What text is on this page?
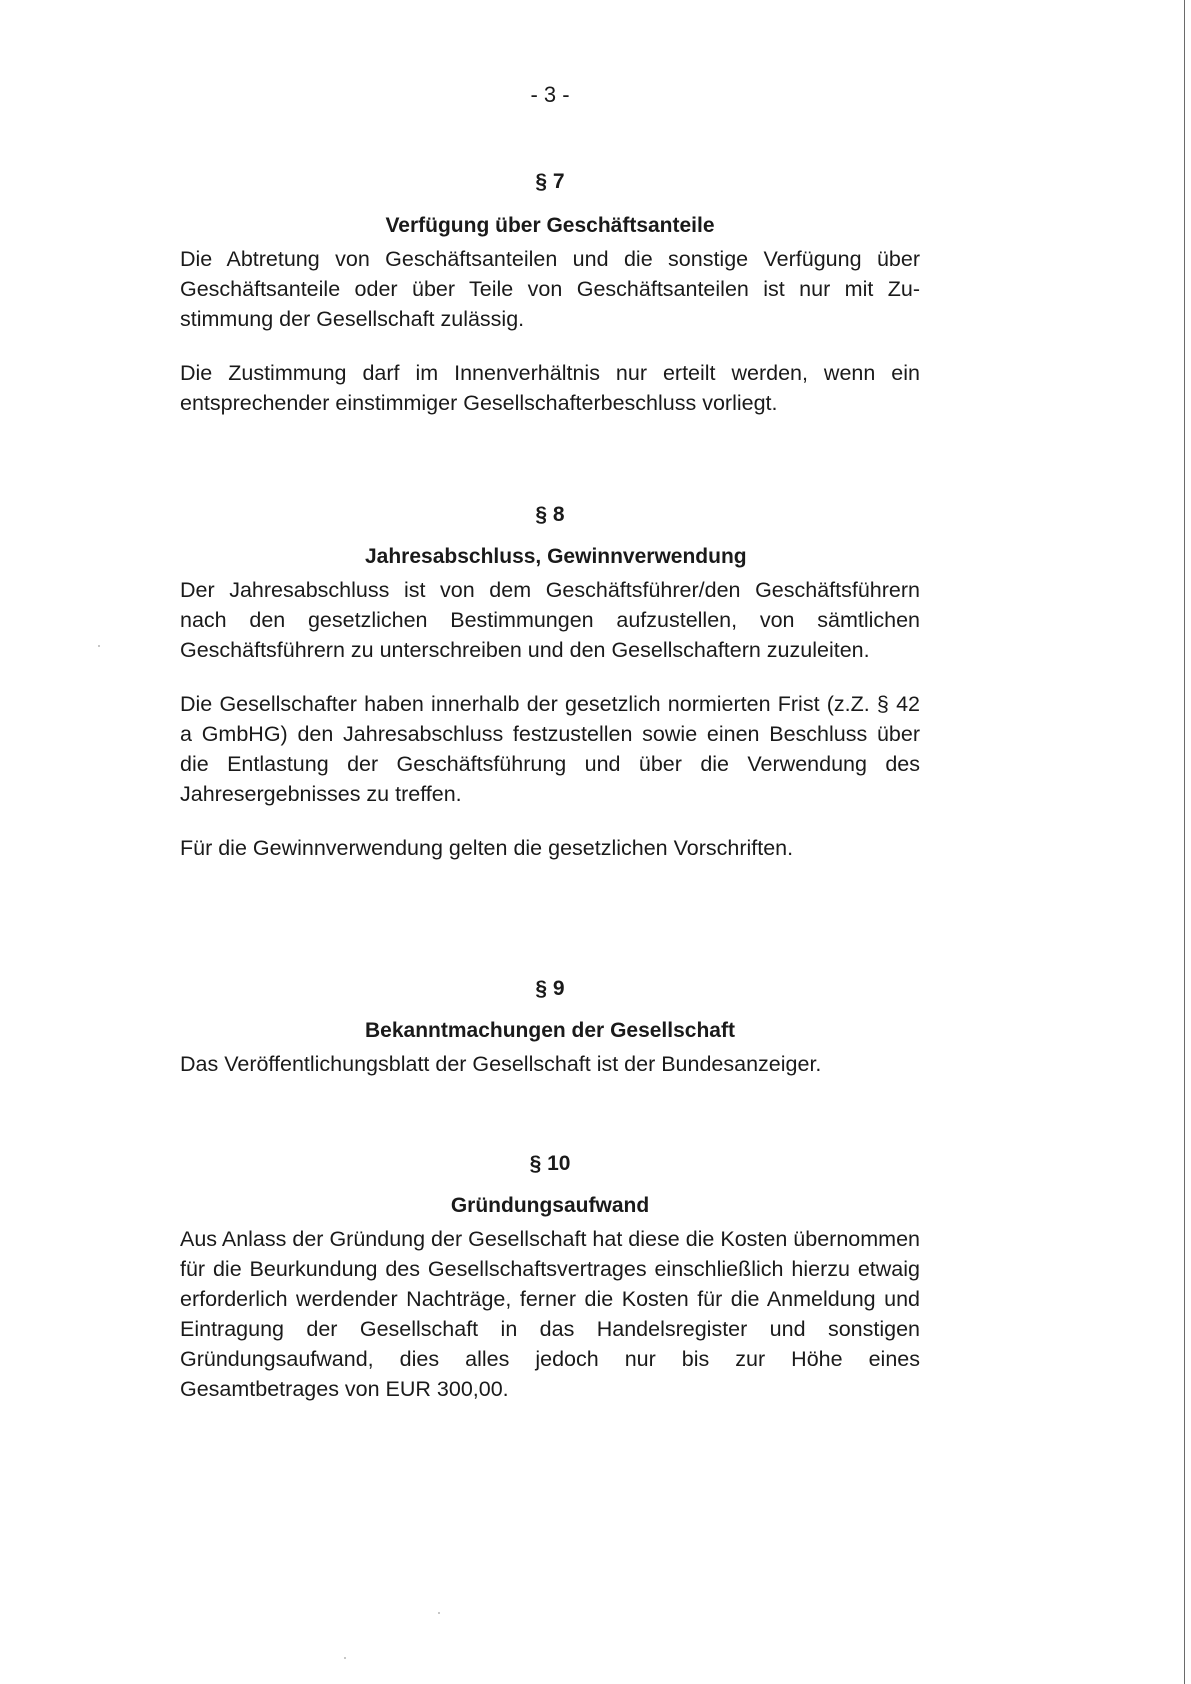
- 3 -

§ 7

Verfügung über Geschäftsanteile

Die Abtretung von Geschäftsanteilen und die sonstige Verfügung über Geschäftsanteile oder über Teile von Geschäftsanteilen ist nur mit Zustimmung der Gesellschaft zulässig.

Die Zustimmung darf im Innenverhältnis nur erteilt werden, wenn ein entsprechender einstimmiger Gesellschafterbeschluss vorliegt.

§ 8

Jahresabschluss, Gewinnverwendung

Der Jahresabschluss ist von dem Geschäftsführer/den Geschäftsführern nach den gesetzlichen Bestimmungen aufzustellen, von sämtlichen Geschäftsführern zu unterschreiben und den Gesellschaftern zuzuleiten.

Die Gesellschafter haben innerhalb der gesetzlich normierten Frist (z.Z. § 42 a GmbHG) den Jahresabschluss festzustellen sowie einen Beschluss über die Entlastung der Geschäftsführung und über die Verwendung des Jahresergebnisses zu treffen.

Für die Gewinnverwendung gelten die gesetzlichen Vorschriften.

§ 9

Bekanntmachungen der Gesellschaft

Das Veröffentlichungsblatt der Gesellschaft ist der Bundesanzeiger.

§ 10

Gründungsaufwand

Aus Anlass der Gründung der Gesellschaft hat diese die Kosten übernommen für die Beurkundung des Gesellschaftsvertrages einschließlich hierzu etwaig erforderlich werdender Nachträge, ferner die Kosten für die Anmeldung und Eintragung der Gesellschaft in das Handelsregister und sonstigen Gründungsaufwand, dies alles jedoch nur bis zur Höhe eines Gesamtbetrages von EUR 300,00.
